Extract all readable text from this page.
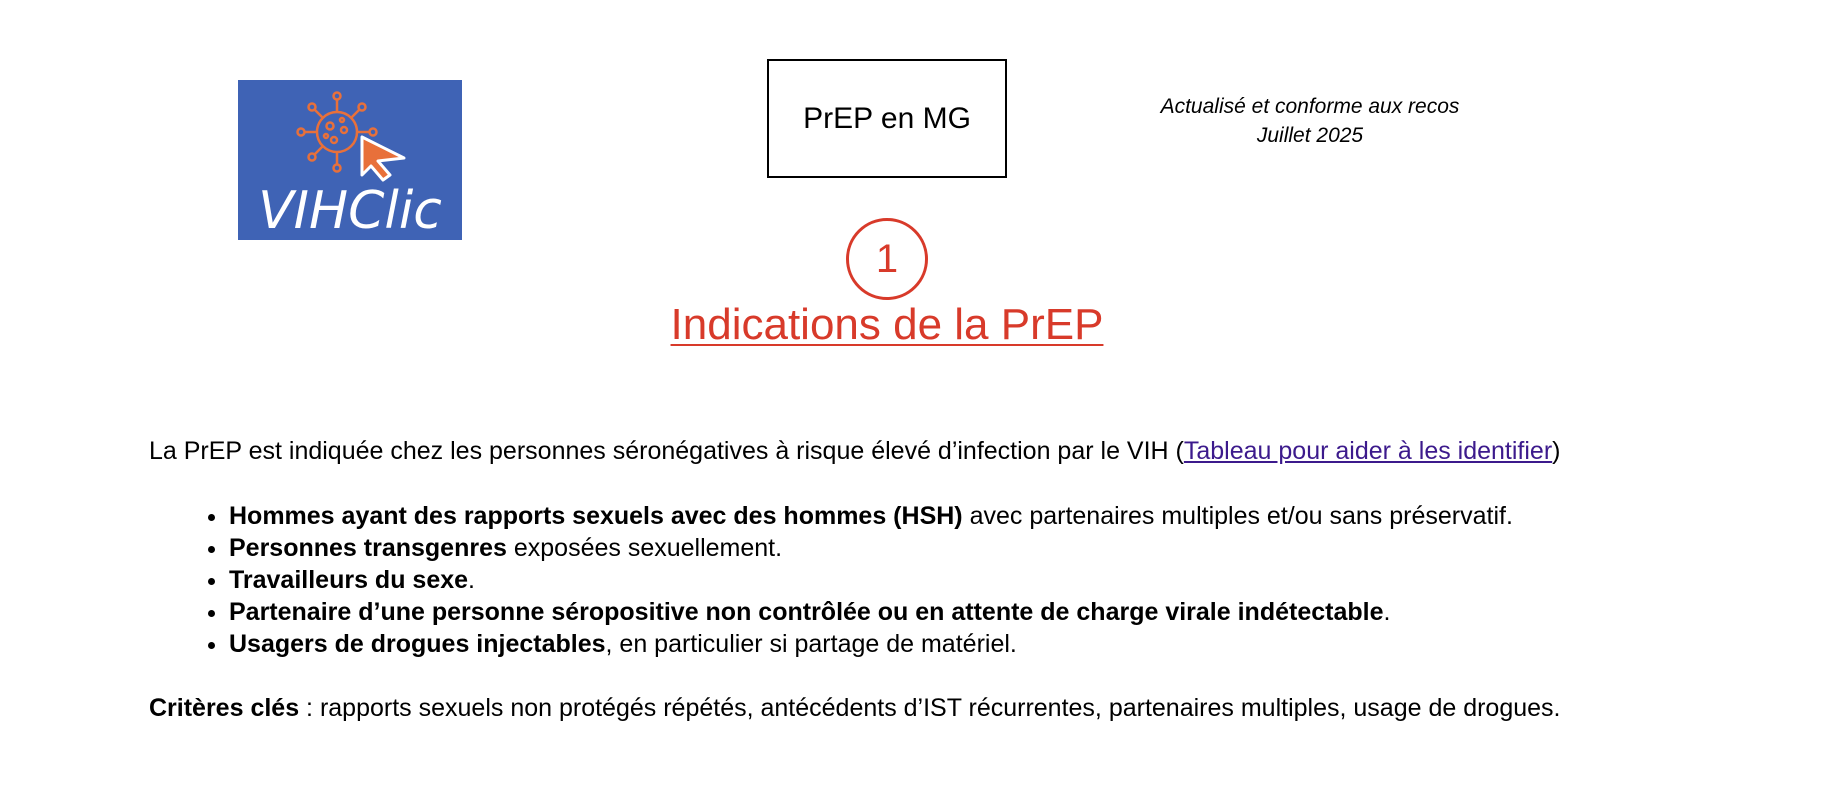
VIHClic
PrEP en MG	Actualisé et conforme aux recos
Juillet 2025
1
Indications de la PrEP
La PrEP est indiquée chez les personnes séronégatives à risque élevé d’infection par le VIH (Tableau pour aider à les identifier)
• Hommes ayant des rapports sexuels avec des hommes (HSH) avec partenaires multiples et/ou sans préservatif.
• Personnes transgenres exposées sexuellement.
• Travailleurs du sexe.
• Partenaire d’une personne séropositive non contrôlée ou en attente de charge virale indétectable.
• Usagers de drogues injectables, en particulier si partage de matériel.
Critères clés : rapports sexuels non protégés répétés, antécédents d’IST récurrentes, partenaires multiples, usage de drogues.
